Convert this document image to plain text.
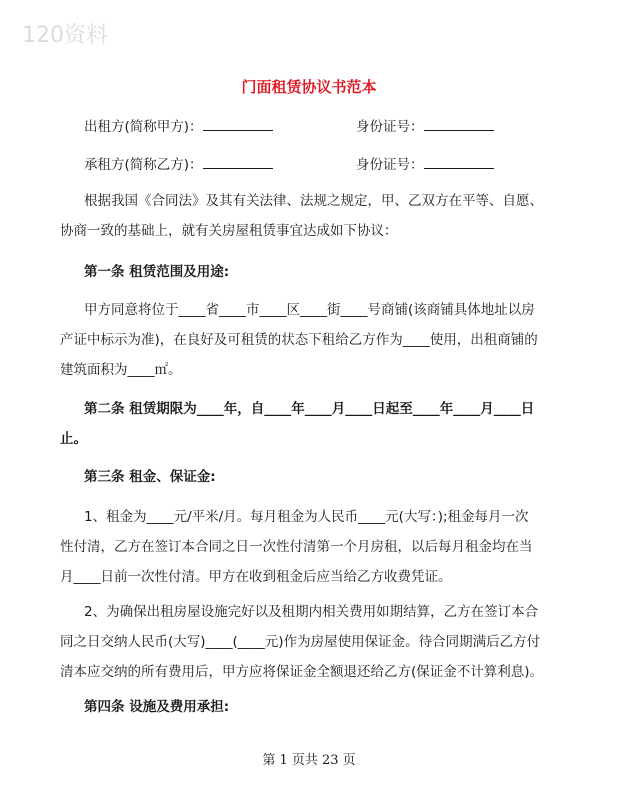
120资料
门面租赁协议书范本
出租方(简称甲方)：	身份证号：
承租方(简称乙方)：	身份证号：
根据我国《合同法》及其有关法律、法规之规定，甲、乙双方在平等、自愿、
协商一致的基础上，就有关房屋租赁事宜达成如下协议：
第一条 租赁范围及用途:
甲方同意将位于____省____市____区____街____号商铺(该商铺具体地址以房
产证中标示为准)，在良好及可租赁的状态下租给乙方作为____使用，出租商铺的
建筑面积为____㎡。
第二条 租赁期限为____年，自____年____月____日起至____年____月____日
止。
第三条 租金、保证金:
1、租金为____元/平米/月。每月租金为人民币____元(大写：);租金每月一次
性付清，乙方在签订本合同之日一次性付清第一个月房租，以后每月租金均在当
月____日前一次性付清。甲方在收到租金后应当给乙方收费凭证。
2、为确保出租房屋设施完好以及租期内相关费用如期结算，乙方在签订本合
同之日交纳人民币(大写)____(____元)作为房屋使用保证金。待合同期满后乙方付
清本应交纳的所有费用后，甲方应将保证金全额退还给乙方(保证金不计算利息)。
第四条 设施及费用承担:
第 1 页共 23 页
